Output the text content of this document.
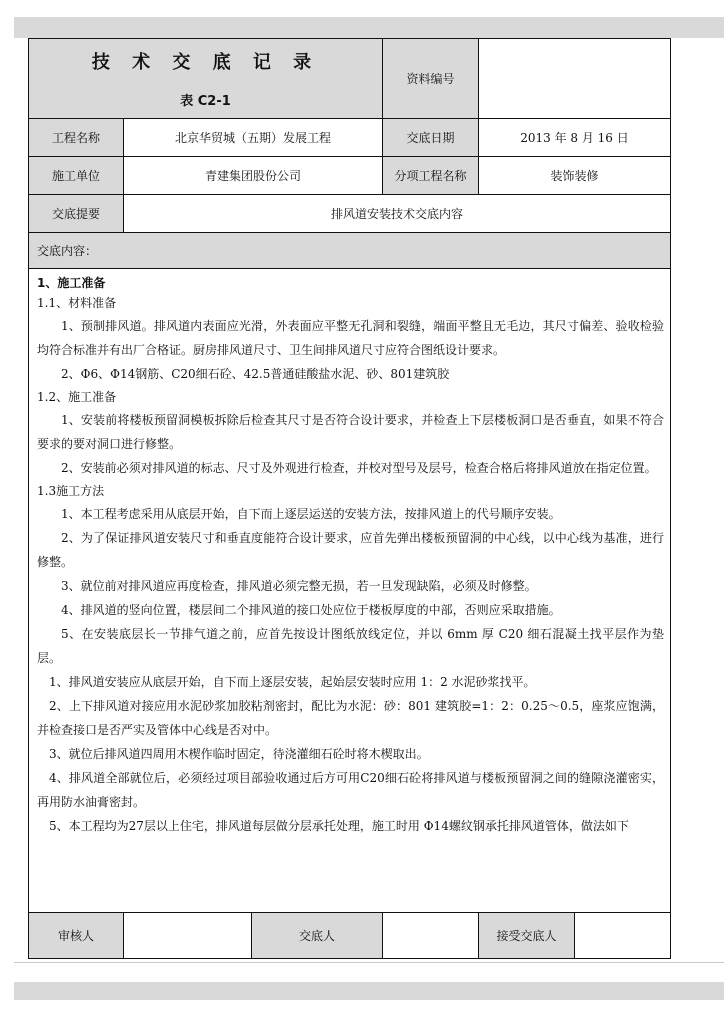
技 术 交 底 记 录
表 C2-1
资料编号
工程名称	北京华贸城（五期）发展工程	交底日期	2013 年 8 月 16 日
施工单位	青建集团股份公司	分项工程名称	装饰装修
交底提要	排风道安装技术交底内容
交底内容：

1、施工准备

1.1、材料准备

1、预制排风道。排风道内表面应光滑，外表面应平整无孔洞和裂缝，端面平整且无毛边，其尺寸偏差、验收检验均符合标准并有出厂合格证。厨房排风道尺寸、卫生间排风道尺寸应符合图纸设计要求。

2、Φ6、Φ14钢筋、C20细石砼、42.5普通硅酸盐水泥、砂、801建筑胶

1.2、施工准备

1、安装前将楼板预留洞模板拆除后检查其尺寸是否符合设计要求，并检查上下层楼板洞口是否垂直，如果不符合要求的要对洞口进行修整。

2、安装前必须对排风道的标志、尺寸及外观进行检查，并校对型号及层号，检查合格后将排风道放在指定位置。

1.3施工方法

1、本工程考虑采用从底层开始，自下而上逐层运送的安装方法，按排风道上的代号顺序安装。

2、为了保证排风道安装尺寸和垂直度能符合设计要求，应首先弹出楼板预留洞的中心线，以中心线为基准，进行修整。

3、就位前对排风道应再度检查，排风道必须完整无损，若一旦发现缺陷，必须及时修整。

4、排风道的竖向位置，楼层间二个排风道的接口处应位于楼板厚度的中部，否则应采取措施。

5、在安装底层长一节排气道之前，应首先按设计图纸放线定位，并以 6mm 厚 C20 细石混凝土找平层作为垫层。

1、排风道安装应从底层开始，自下而上逐层安装，起始层安装时应用 1：2 水泥砂浆找平。

2、上下排风道对接应用水泥砂浆加胶粘剂密封，配比为水泥：砂：801 建筑胶=1：2：0.25～0.5，座浆应饱满，并检查接口是否严实及管体中心线是否对中。

3、就位后排风道四周用木楔作临时固定，待浇灌细石砼时将木楔取出。

4、排风道全部就位后，必须经过项目部验收通过后方可用C20细石砼将排风道与楼板预留洞之间的缝隙浇灌密实，再用防水油膏密封。

5、本工程均为27层以上住宅，排风道每层做分层承托处理，施工时用 Φ14螺纹钢承托排风道管体，做法如下

审核人	交底人	接受交底人
